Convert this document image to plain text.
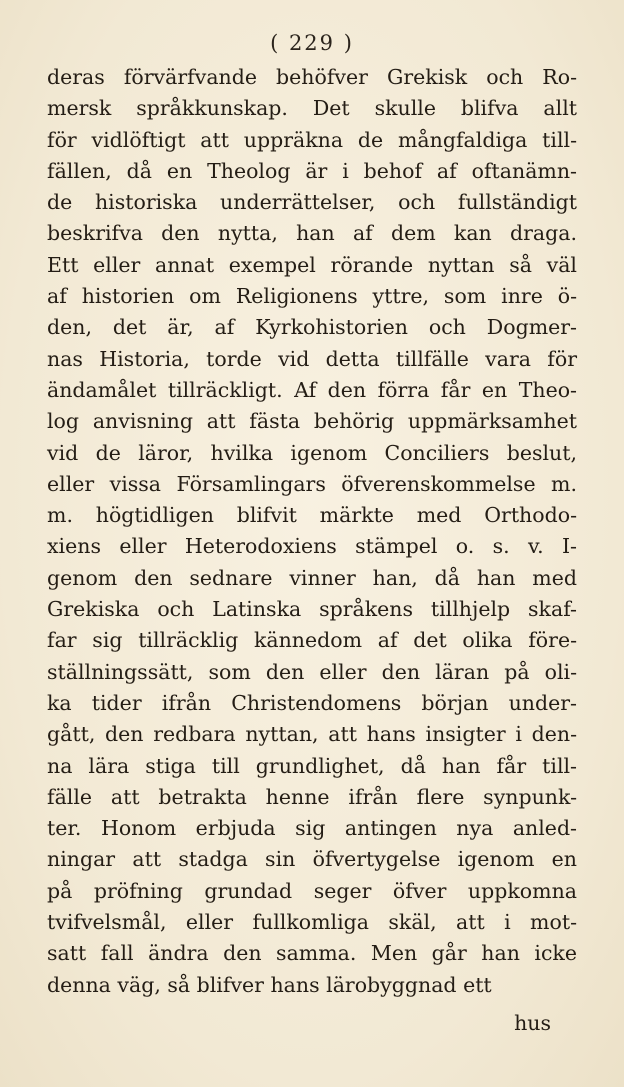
( 229 )
deras förvärfvande behöfver Grekisk och Ro-
mersk språkkunskap. Det skulle blifva allt
för vidlöftigt att uppräkna de mångfaldiga till-
fällen, då en Theolog är i behof af oftanämn-
de historiska underrättelser, och fullständigt
beskrifva den nytta, han af dem kan draga.
Ett eller annat exempel rörande nyttan så väl
af historien om Religionens yttre, som inre ö-
den, det är, af Kyrkohistorien och Dogmer-
nas Historia, torde vid detta tillfälle vara för
ändamålet tillräckligt. Af den förra får en Theo-
log anvisning att fästa behörig uppmärksamhet
vid de läror, hvilka igenom Conciliers beslut,
eller vissa Församlingars öfverenskommelse m.
m. högtidligen blifvit märkte med Orthodo-
xiens eller Heterodoxiens stämpel o. s. v. I-
genom den sednare vinner han, då han med
Grekiska och Latinska språkens tillhjelp skaf-
far sig tillräcklig kännedom af det olika före-
ställningssätt, som den eller den läran på oli-
ka tider ifrån Christendomens början under-
gått, den redbara nyttan, att hans insigter i den-
na lära stiga till grundlighet, då han får till-
fälle att betrakta henne ifrån flere synpunk-
ter. Honom erbjuda sig antingen nya anled-
ningar att stadga sin öfvertygelse igenom en
på pröfning grundad seger öfver uppkomna
tvifvelsmål, eller fullkomliga skäl, att i mot-
satt fall ändra den samma. Men går han icke
denna väg, så blifver hans lärobyggnad ett
hus
